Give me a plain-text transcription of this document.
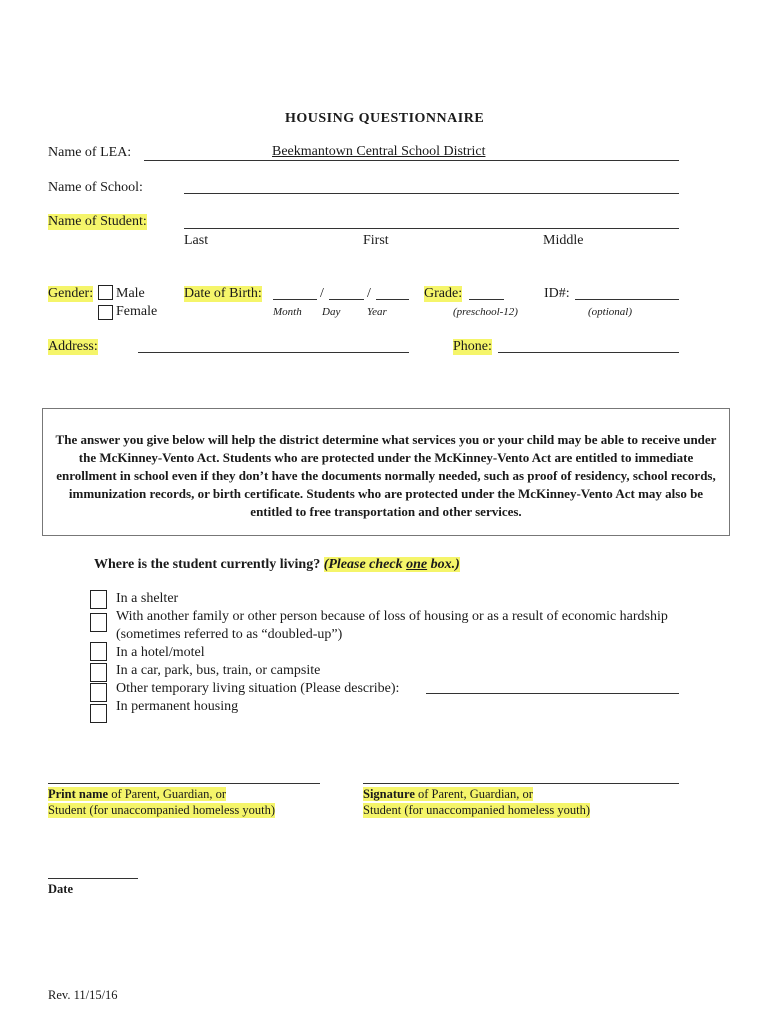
HOUSING QUESTIONNAIRE
Name of LEA:	Beekmantown Central School District
Name of School:
Name of Student:
Last	First	Middle
Gender: Male
Female
Date of Birth:	/	/
Month Day Year
Grade:
(preschool-12)
ID#:
(optional)
Address:	Phone:

The answer you give below will help the district determine what services you or your child may be able to receive under the McKinney-Vento Act. Students who are protected under the McKinney-Vento Act are entitled to immediate enrollment in school even if they don’t have the documents normally needed, such as proof of residency, school records, immunization records, or birth certificate. Students who are protected under the McKinney-Vento Act may also be entitled to free transportation and other services.

Where is the student currently living? (Please check one box.)
In a shelter
With another family or other person because of loss of housing or as a result of economic hardship
(sometimes referred to as “doubled-up”)
In a hotel/motel
In a car, park, bus, train, or campsite
Other temporary living situation (Please describe):
In permanent housing
Print name of Parent, Guardian, or
Student (for unaccompanied homeless youth)
Signature of Parent, Guardian, or
Student (for unaccompanied homeless youth)
Date
Rev. 11/15/16
